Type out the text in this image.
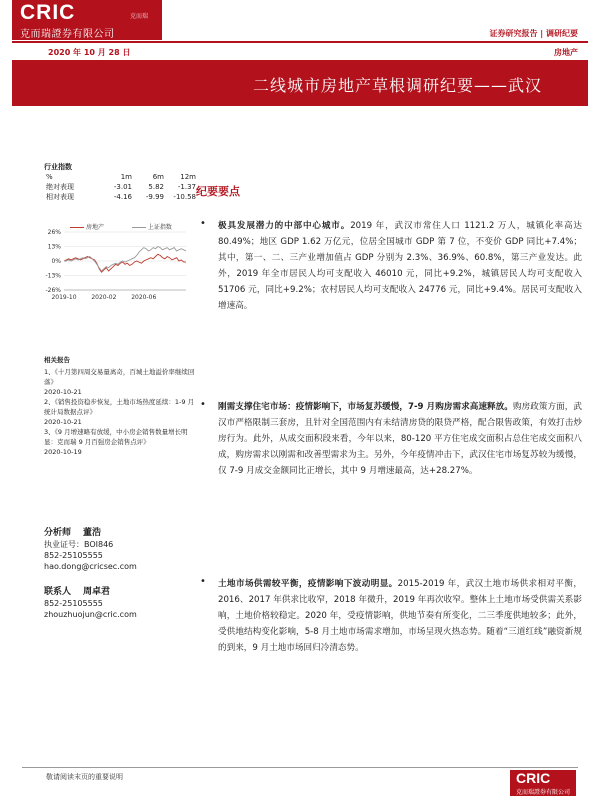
CRIC	克而瑞
克而瑞證券有限公司	证券研究报告 | 调研纪要
2020 年 10 月 28 日	房地产
二线城市房地产草根调研纪要——武汉
行业指数
%	1m	6m	12m
绝对表现	-3.01	5.82	-1.37
相对表现	-4.16	-9.99	-10.58
房地产	上证指数
26%
13%
0%
-13%
-26%
2019-10 2020-02 2020-06
相关报告
1、《十月第四周交易量离奇，百城土地溢价率继续回落》
2020-10-21
2、《销售投资稳步恢复，土地市场热度延续：1-9 月统计局数据点评》
2020-10-21
3、《9 月增速略有放缓，中小房企销售数量增长明显：克而瑞 9 月百强房企销售点评》
2020-10-19
分析师 董浩
执业证号：BOI846
852-25105555
hao.dong@cricsec.com
联系人 周卓君
852-25105555
zhouzhuojun@cric.com
纪要要点
• 极具发展潜力的中部中心城市。2019 年，武汉市常住人口 1121.2 万人，城镇化率高达 80.49%；地区 GDP 1.62 万亿元，位居全国城市 GDP 第 7 位，不变价 GDP 同比+7.4%；其中，第一、二、三产业增加值占 GDP 分别为 2.3%、36.9%、60.8%，第三产业发达。此外，2019 年全市居民人均可支配收入 46010 元，同比+9.2%，城镇居民人均可支配收入 51706 元，同比+9.2%；农村居民人均可支配收入 24776 元，同比+9.4%。居民可支配收入增速高。
• 刚需支撑住宅市场：疫情影响下，市场复苏缓慢，7-9 月购房需求高速释放。购房政策方面，武汉市严格限制三套房，且针对全国范围内有未结清房贷的限贷严格，配合限售政策，有效打击炒房行为。此外，从成交面积段来看，今年以来，80-120 平方住宅成交面积占总住宅成交面积八成，购房需求以刚需和改善型需求为主。另外，今年疫情冲击下，武汉住宅市场复苏较为缓慢，仅 7-9 月成交金额同比正增长，其中 9 月增速最高，达+28.27%。
• 土地市场供需较平衡，疫情影响下波动明显。2015-2019 年，武汉土地市场供求相对平衡，2016、2017 年供求比收窄，2018 年微升，2019 年再次收窄。整体上土地市场受供需关系影响，土地价格较稳定。2020 年，受疫情影响，供地节奏有所变化，二三季度供地较多；此外，受供地结构变化影响，5-8 月土地市场需求增加，市场呈现火热态势。随着“三道红线”融资新规的到来，9 月土地市场回归冷清态势。
敬请阅读末页的重要说明	CRIC
克而瑞證券有限公司
